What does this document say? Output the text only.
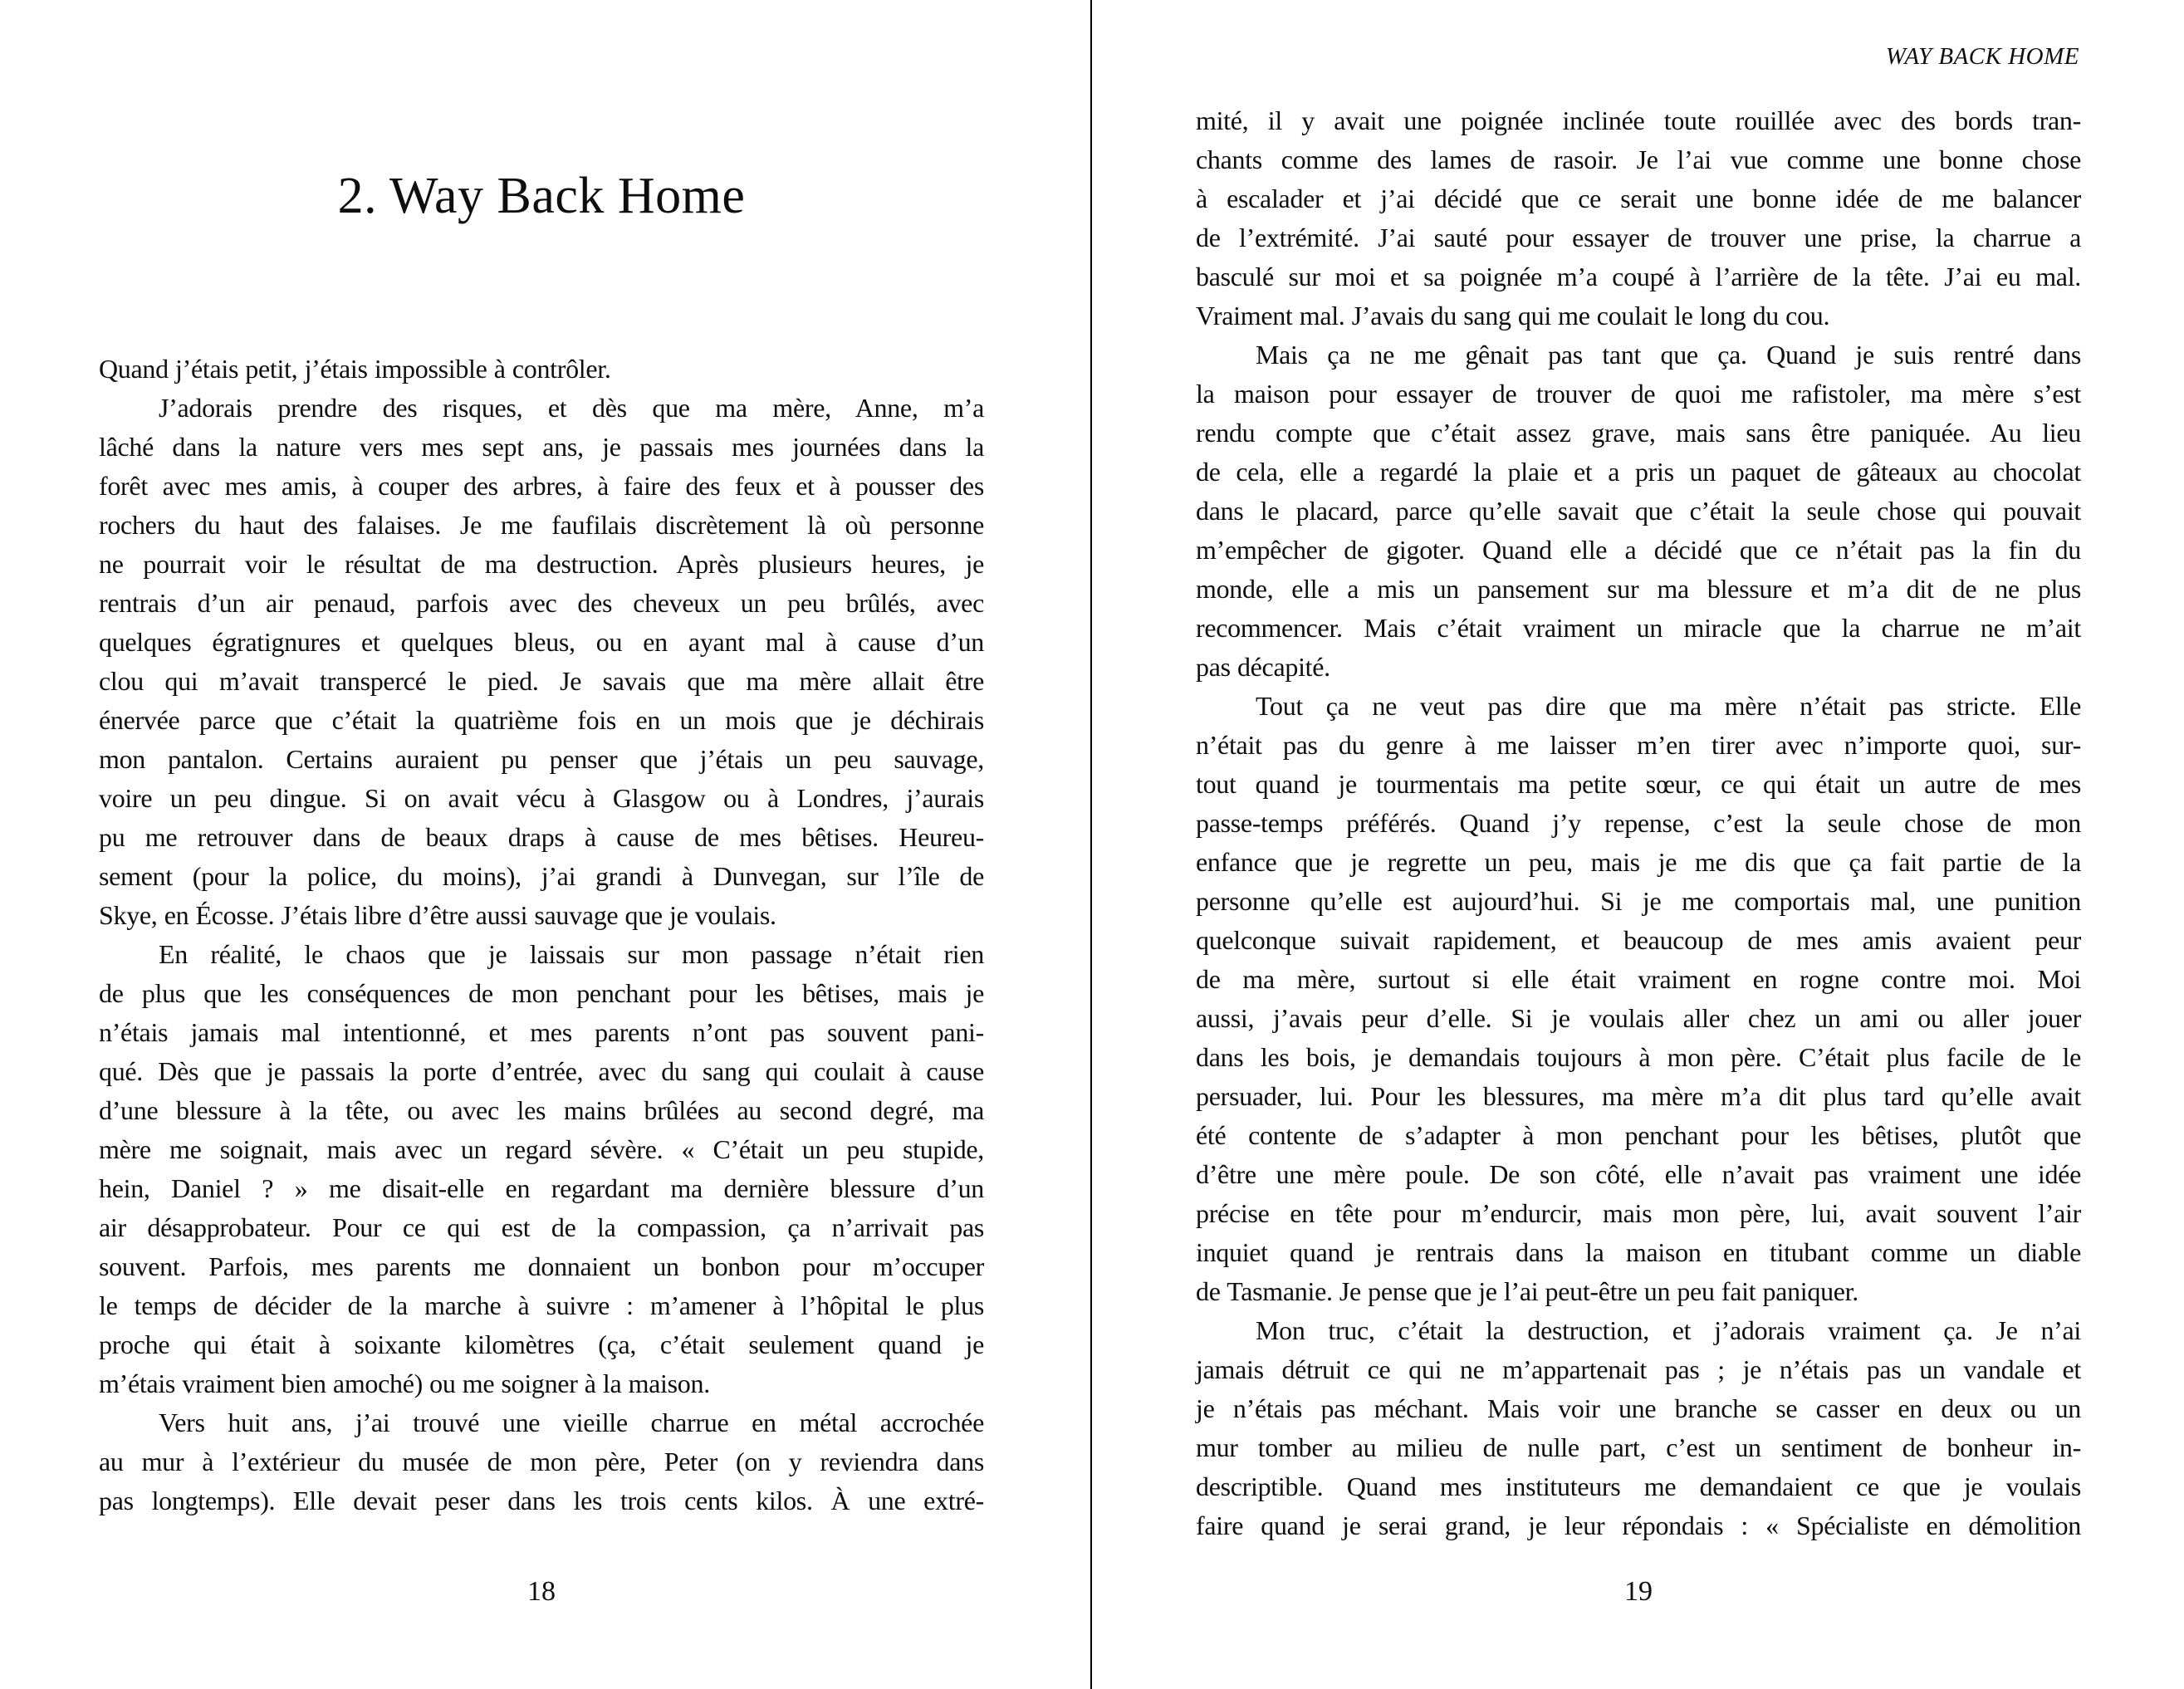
2. Way Back Home
Quand j’étais petit, j’étais impossible à contrôler.
J’adorais prendre des risques, et dès que ma mère, Anne, m’a
lâché dans la nature vers mes sept ans, je passais mes journées dans la
forêt avec mes amis, à couper des arbres, à faire des feux et à pousser des
rochers du haut des falaises. Je me faufilais discrètement là où personne
ne pourrait voir le résultat de ma destruction. Après plusieurs heures, je
rentrais d’un air penaud, parfois avec des cheveux un peu brûlés, avec
quelques égratignures et quelques bleus, ou en ayant mal à cause d’un
clou qui m’avait transpercé le pied. Je savais que ma mère allait être
énervée parce que c’était la quatrième fois en un mois que je déchirais
mon pantalon. Certains auraient pu penser que j’étais un peu sauvage,
voire un peu dingue. Si on avait vécu à Glasgow ou à Londres, j’aurais
pu me retrouver dans de beaux draps à cause de mes bêtises. Heureu-
sement (pour la police, du moins), j’ai grandi à Dunvegan, sur l’île de
Skye, en Écosse. J’étais libre d’être aussi sauvage que je voulais.
En réalité, le chaos que je laissais sur mon passage n’était rien
de plus que les conséquences de mon penchant pour les bêtises, mais je
n’étais jamais mal intentionné, et mes parents n’ont pas souvent pani-
qué. Dès que je passais la porte d’entrée, avec du sang qui coulait à cause
d’une blessure à la tête, ou avec les mains brûlées au second degré, ma
mère me soignait, mais avec un regard sévère. « C’était un peu stupide,
hein, Daniel ? » me disait-elle en regardant ma dernière blessure d’un
air désapprobateur. Pour ce qui est de la compassion, ça n’arrivait pas
souvent. Parfois, mes parents me donnaient un bonbon pour m’occuper
le temps de décider de la marche à suivre : m’amener à l’hôpital le plus
proche qui était à soixante kilomètres (ça, c’était seulement quand je
m’étais vraiment bien amoché) ou me soigner à la maison.
Vers huit ans, j’ai trouvé une vieille charrue en métal accrochée
au mur à l’extérieur du musée de mon père, Peter (on y reviendra dans
pas longtemps). Elle devait peser dans les trois cents kilos. À une extré-
18
WAY BACK HOME
mité, il y avait une poignée inclinée toute rouillée avec des bords tran-
chants comme des lames de rasoir. Je l’ai vue comme une bonne chose
à escalader et j’ai décidé que ce serait une bonne idée de me balancer
de l’extrémité. J’ai sauté pour essayer de trouver une prise, la charrue a
basculé sur moi et sa poignée m’a coupé à l’arrière de la tête. J’ai eu mal.
Vraiment mal. J’avais du sang qui me coulait le long du cou.
Mais ça ne me gênait pas tant que ça. Quand je suis rentré dans
la maison pour essayer de trouver de quoi me rafistoler, ma mère s’est
rendu compte que c’était assez grave, mais sans être paniquée. Au lieu
de cela, elle a regardé la plaie et a pris un paquet de gâteaux au chocolat
dans le placard, parce qu’elle savait que c’était la seule chose qui pouvait
m’empêcher de gigoter. Quand elle a décidé que ce n’était pas la fin du
monde, elle a mis un pansement sur ma blessure et m’a dit de ne plus
recommencer. Mais c’était vraiment un miracle que la charrue ne m’ait
pas décapité.
Tout ça ne veut pas dire que ma mère n’était pas stricte. Elle
n’était pas du genre à me laisser m’en tirer avec n’importe quoi, sur-
tout quand je tourmentais ma petite sœur, ce qui était un autre de mes
passe-temps préférés. Quand j’y repense, c’est la seule chose de mon
enfance que je regrette un peu, mais je me dis que ça fait partie de la
personne qu’elle est aujourd’hui. Si je me comportais mal, une punition
quelconque suivait rapidement, et beaucoup de mes amis avaient peur
de ma mère, surtout si elle était vraiment en rogne contre moi. Moi
aussi, j’avais peur d’elle. Si je voulais aller chez un ami ou aller jouer
dans les bois, je demandais toujours à mon père. C’était plus facile de le
persuader, lui. Pour les blessures, ma mère m’a dit plus tard qu’elle avait
été contente de s’adapter à mon penchant pour les bêtises, plutôt que
d’être une mère poule. De son côté, elle n’avait pas vraiment une idée
précise en tête pour m’endurcir, mais mon père, lui, avait souvent l’air
inquiet quand je rentrais dans la maison en titubant comme un diable
de Tasmanie. Je pense que je l’ai peut-être un peu fait paniquer.
Mon truc, c’était la destruction, et j’adorais vraiment ça. Je n’ai
jamais détruit ce qui ne m’appartenait pas ; je n’étais pas un vandale et
je n’étais pas méchant. Mais voir une branche se casser en deux ou un
mur tomber au milieu de nulle part, c’est un sentiment de bonheur in-
descriptible. Quand mes instituteurs me demandaient ce que je voulais
faire quand je serai grand, je leur répondais : « Spécialiste en démolition
19
